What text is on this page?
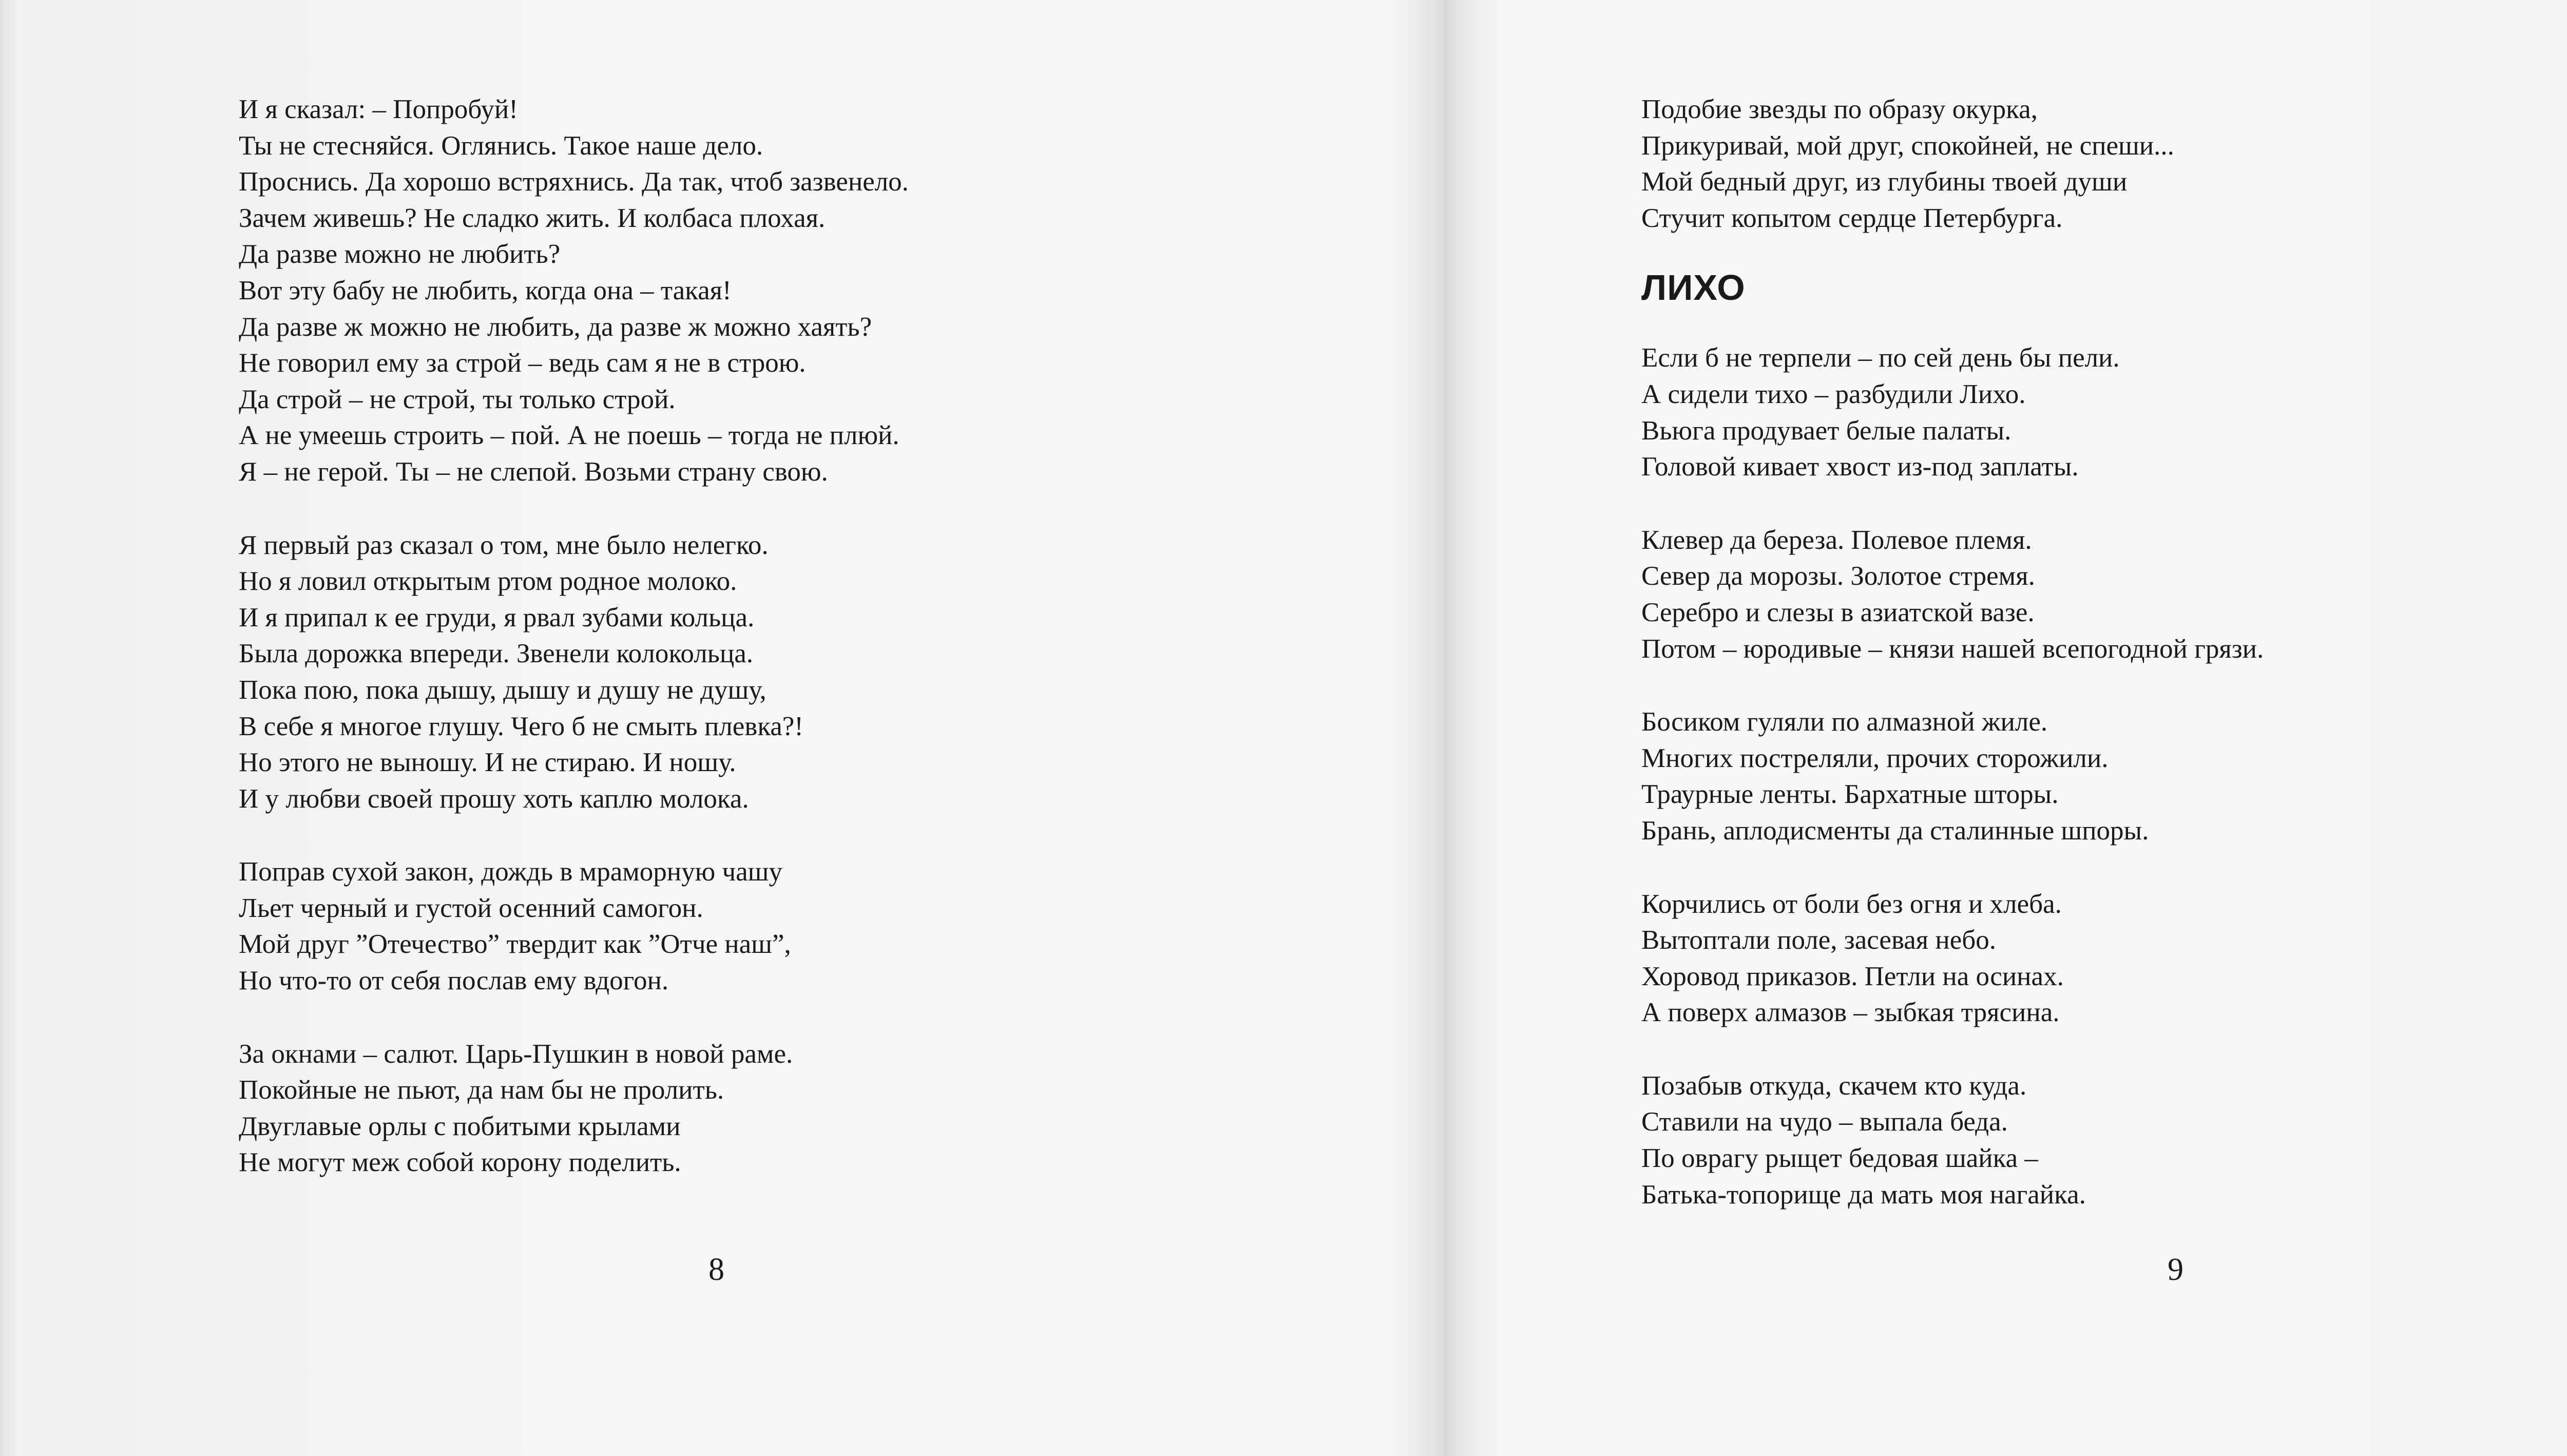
И я сказал: – Попробуй!
Ты не стесняйся. Оглянись. Такое наше дело.
Проснись. Да хорошо встряхнись. Да так, чтоб зазвенело.
Зачем живешь? Не сладко жить. И колбаса плохая.
Да разве можно не любить?
Вот эту бабу не любить, когда она – такая!
Да разве ж можно не любить, да разве ж можно хаять?
Не говорил ему за строй – ведь сам я не в строю.
Да строй – не строй, ты только строй.
А не умеешь строить – пой. А не поешь – тогда не плюй.
Я – не герой. Ты – не слепой. Возьми страну свою.
Я первый раз сказал о том, мне было нелегко.
Но я ловил открытым ртом родное молоко.
И я припал к ее груди, я рвал зубами кольца.
Была дорожка впереди. Звенели колокольца.
Пока пою, пока дышу, дышу и душу не душу,
В себе я многое глушу. Чего б не смыть плевка?!
Но этого не выношу. И не стираю. И ношу.
И у любви своей прошу хоть каплю молока.
Поправ сухой закон, дождь в мраморную чашу
Льет черный и густой осенний самогон.
Мой друг ”Отечество” твердит как ”Отче наш”,
Но что-то от себя послав ему вдогон.
За окнами – салют. Царь-Пушкин в новой раме.
Покойные не пьют, да нам бы не пролить.
Двуглавые орлы с побитыми крылами
Не могут меж собой корону поделить.
8
Подобие звезды по образу окурка,
Прикуривай, мой друг, спокойней, не спеши...
Мой бедный друг, из глубины твоей души
Стучит копытом сердце Петербурга.
ЛИХО
Если б не терпели – по сей день бы пели.
А сидели тихо – разбудили Лихо.
Вьюга продувает белые палаты.
Головой кивает хвост из-под заплаты.
Клевер да береза. Полевое племя.
Север да морозы. Золотое стремя.
Серебро и слезы в азиатской вазе.
Потом – юродивые – князи нашей всепогодной грязи.
Босиком гуляли по алмазной жиле.
Многих постреляли, прочих сторожили.
Траурные ленты. Бархатные шторы.
Брань, аплодисменты да сталинные шпоры.
Корчились от боли без огня и хлеба.
Вытоптали поле, засевая небо.
Хоровод приказов. Петли на осинах.
А поверх алмазов – зыбкая трясина.
Позабыв откуда, скачем кто куда.
Ставили на чудо – выпала беда.
По оврагу рыщет бедовая шайка –
Батька-топорище да мать моя нагайка.
9
